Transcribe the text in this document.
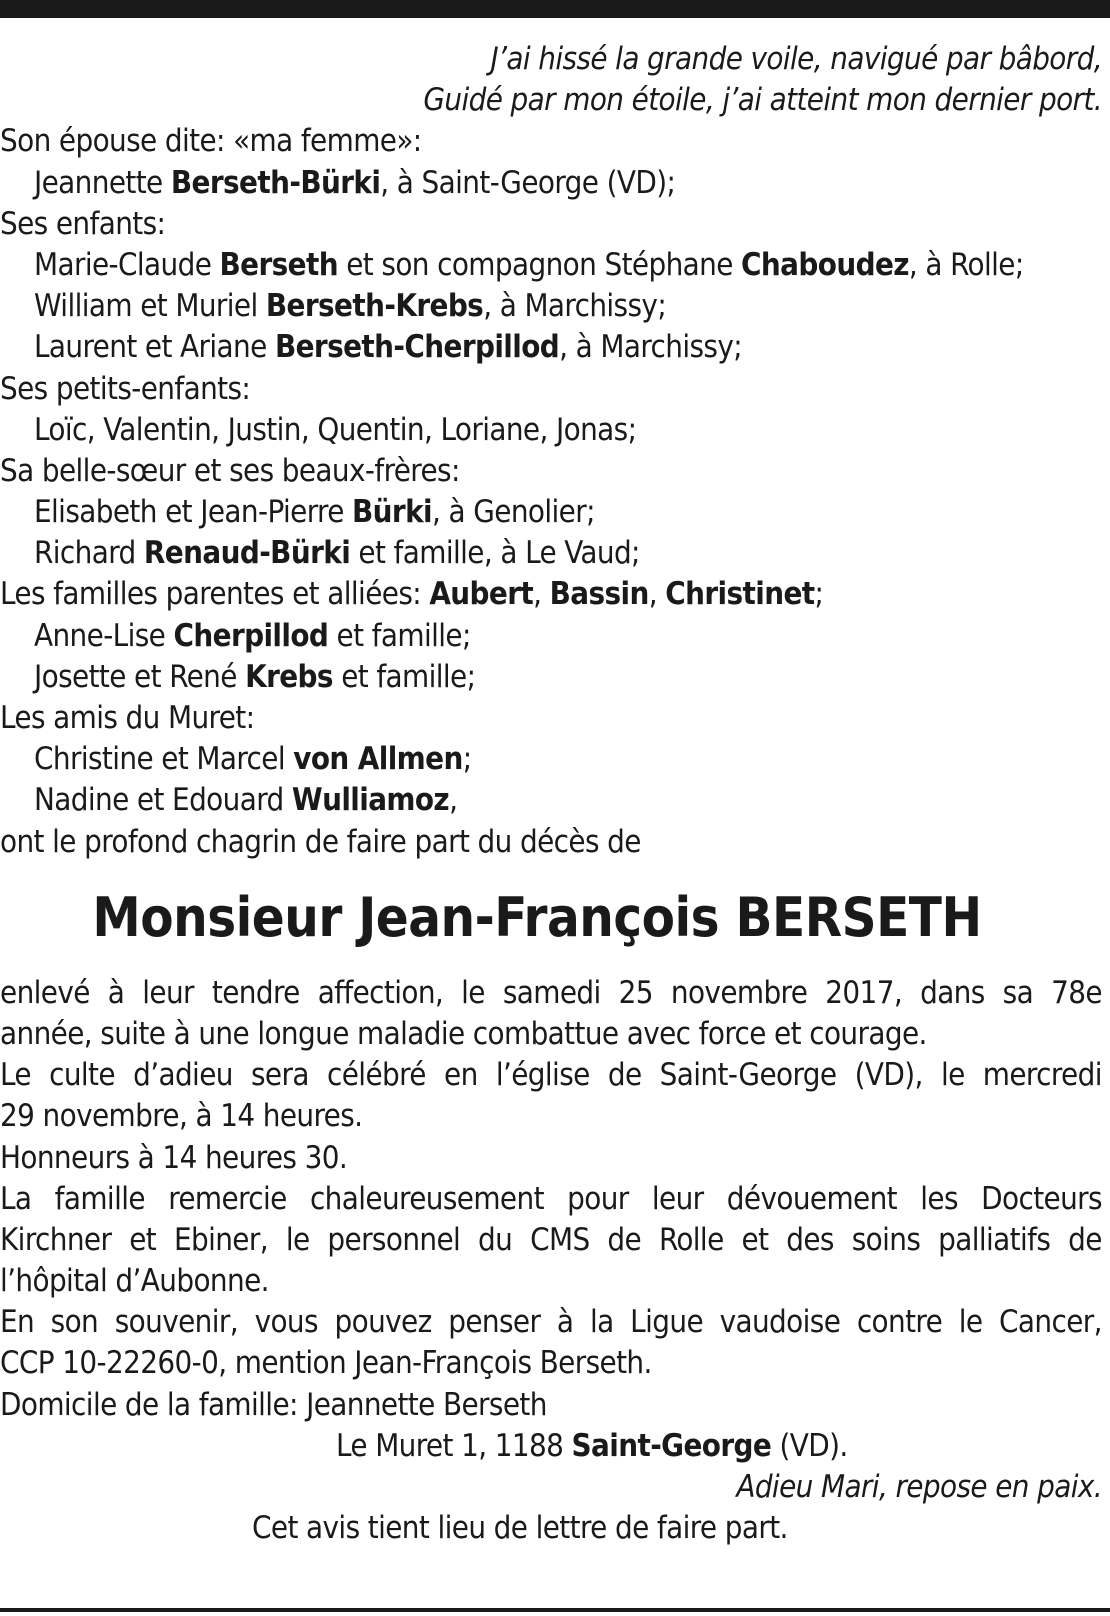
J’ai hissé la grande voile, navigué par bâbord,
Guidé par mon étoile, j’ai atteint mon dernier port.
Son épouse dite: «ma femme»:
Jeannette Berseth-Bürki, à Saint-George (VD);
Ses enfants:
Marie-Claude Berseth et son compagnon Stéphane Chaboudez, à Rolle;
William et Muriel Berseth-Krebs, à Marchissy;
Laurent et Ariane Berseth-Cherpillod, à Marchissy;
Ses petits-enfants:
Loïc, Valentin, Justin, Quentin, Loriane, Jonas;
Sa belle-sœur et ses beaux-frères:
Elisabeth et Jean-Pierre Bürki, à Genolier;
Richard Renaud-Bürki et famille, à Le Vaud;
Les familles parentes et alliées: Aubert, Bassin, Christinet;
Anne-Lise Cherpillod et famille;
Josette et René Krebs et famille;
Les amis du Muret:
Christine et Marcel von Allmen;
Nadine et Edouard Wulliamoz,
ont le profond chagrin de faire part du décès de
Monsieur Jean-François BERSETH
enlevé à leur tendre affection, le samedi 25 novembre 2017, dans sa 78e
année, suite à une longue maladie combattue avec force et courage.
Le culte d’adieu sera célébré en l’église de Saint-George (VD), le mercredi
29 novembre, à 14 heures.
Honneurs à 14 heures 30.
La famille remercie chaleureusement pour leur dévouement les Docteurs
Kirchner et Ebiner, le personnel du CMS de Rolle et des soins palliatifs de
l’hôpital d’Aubonne.
En son souvenir, vous pouvez penser à la Ligue vaudoise contre le Cancer,
CCP 10-22260-0, mention Jean-François Berseth.
Domicile de la famille: Jeannette Berseth
Le Muret 1, 1188 Saint-George (VD).
Adieu Mari, repose en paix.
Cet avis tient lieu de lettre de faire part.
